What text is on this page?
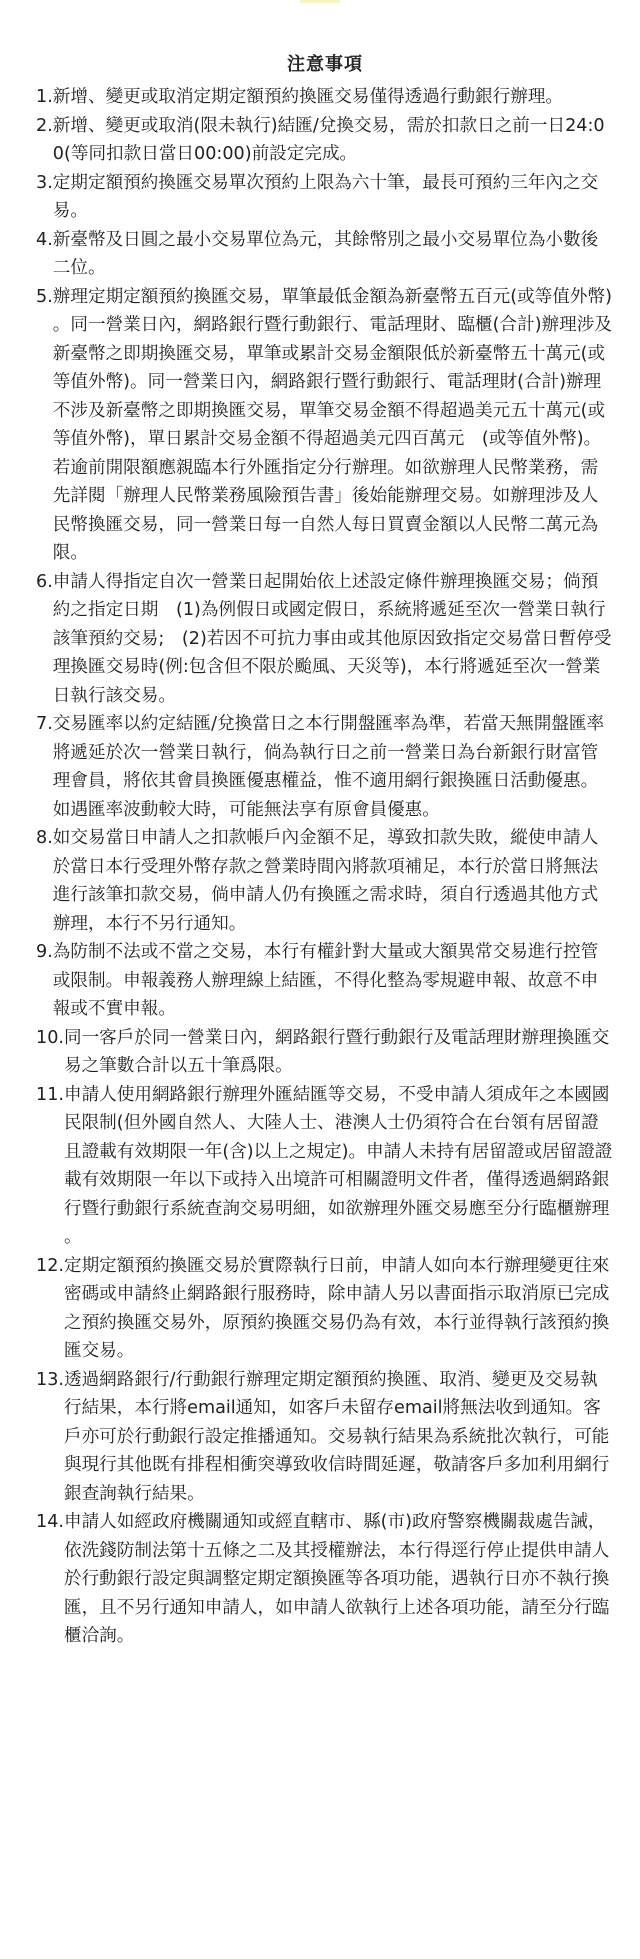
注意事項
1. 新增、變更或取消定期定額預約換匯交易僅得透過行動銀行辦理。
2. 新增、變更或取消(限未執行)結匯/兌換交易，需於扣款日之前一日24:00(等同扣款日當日00:00)前設定完成。
3. 定期定額預約換匯交易單次預約上限為六十筆，最長可預約三年內之交易。
4. 新臺幣及日圓之最小交易單位為元，其餘幣別之最小交易單位為小數後二位。
5. 辦理定期定額預約換匯交易，單筆最低金額為新臺幣五百元(或等值外幣)。同一營業日內，網路銀行暨行動銀行、電話理財、臨櫃(合計)辦理涉及新臺幣之即期換匯交易，單筆或累計交易金額限低於新臺幣五十萬元(或等值外幣)。同一營業日內，網路銀行暨行動銀行、電話理財(合計)辦理不涉及新臺幣之即期換匯交易，單筆交易金額不得超過美元五十萬元(或等值外幣)，單日累計交易金額不得超過美元四百萬元　(或等值外幣)。若逾前開限額應親臨本行外匯指定分行辦理。如欲辦理人民幣業務，需先詳閱「辦理人民幣業務風險預告書」後始能辦理交易。如辦理涉及人民幣換匯交易，同一營業日每一自然人每日買賣金額以人民幣二萬元為限。
6. 申請人得指定自次一營業日起開始依上述設定條件辦理換匯交易；倘預約之指定日期　(1)為例假日或國定假日，系統將遞延至次一營業日執行該筆預約交易;　(2)若因不可抗力事由或其他原因致指定交易當日暫停受理換匯交易時(例:包含但不限於颱風、天災等)，本行將遞延至次一營業日執行該交易。
7. 交易匯率以約定結匯/兌換當日之本行開盤匯率為準，若當天無開盤匯率將遞延於次一營業日執行，倘為執行日之前一營業日為台新銀行財富管理會員，將依其會員換匯優惠權益，惟不適用網行銀換匯日活動優惠。如遇匯率波動較大時，可能無法享有原會員優惠。
8. 如交易當日申請人之扣款帳戶內金額不足，導致扣款失敗，縱使申請人於當日本行受理外幣存款之營業時間內將款項補足，本行於當日將無法進行該筆扣款交易，倘申請人仍有換匯之需求時，須自行透過其他方式辦理，本行不另行通知。
9. 為防制不法或不當之交易，本行有權針對大量或大額異常交易進行控管或限制。申報義務人辦理線上結匯，不得化整為零規避申報、故意不申報或不實申報。
10. 同一客戶於同一營業日內，網路銀行暨行動銀行及電話理財辦理換匯交易之筆數合計以五十筆爲限。
11. 申請人使用網路銀行辦理外匯結匯等交易，不受申請人須成年之本國國民限制(但外國自然人、大陸人士、港澳人士仍須符合在台領有居留證且證載有效期限一年(含)以上之規定)。申請人未持有居留證或居留證證載有效期限一年以下或持入出境許可相關證明文件者，僅得透過網路銀行暨行動銀行系統查詢交易明細，如欲辦理外匯交易應至分行臨櫃辦理。
12. 定期定額預約換匯交易於實際執行日前，申請人如向本行辦理變更往來密碼或申請終止網路銀行服務時，除申請人另以書面指示取消原已完成之預約換匯交易外，原預約換匯交易仍為有效，本行並得執行該預約換匯交易。
13. 透過網路銀行/行動銀行辦理定期定額預約換匯、取消、變更及交易執行結果，本行將email通知，如客戶未留存email將無法收到通知。客戶亦可於行動銀行設定推播通知。交易執行結果為系統批次執行，可能與現行其他既有排程相衝突導致收信時間延遲，敬請客戶多加利用網行銀查詢執行結果。
14. 申請人如經政府機關通知或經直轄市、縣(市)政府警察機關裁處告誡，依洗錢防制法第十五條之二及其授權辦法，本行得逕行停止提供申請人於行動銀行設定與調整定期定額換匯等各項功能，遇執行日亦不執行換匯，且不另行通知申請人，如申請人欲執行上述各項功能，請至分行臨櫃洽詢。
